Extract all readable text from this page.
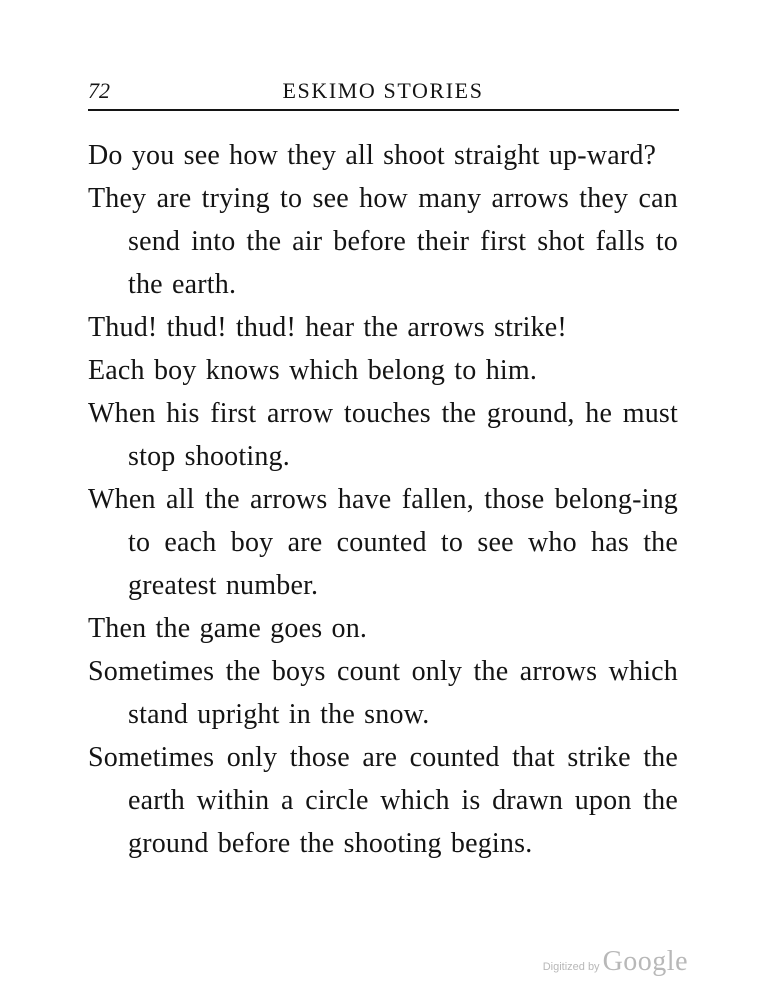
72	ESKIMO STORIES

Do you see how they all shoot straight up-ward?

They are trying to see how many arrows they can send into the air before their first shot falls to the earth.

Thud! thud! thud! hear the arrows strike!

Each boy knows which belong to him.

When his first arrow touches the ground, he must stop shooting.

When all the arrows have fallen, those belong-ing to each boy are counted to see who has the greatest number.

Then the game goes on.

Sometimes the boys count only the arrows which stand upright in the snow.

Sometimes only those are counted that strike the earth within a circle which is drawn upon the ground before the shooting begins.

Digitized by Google
